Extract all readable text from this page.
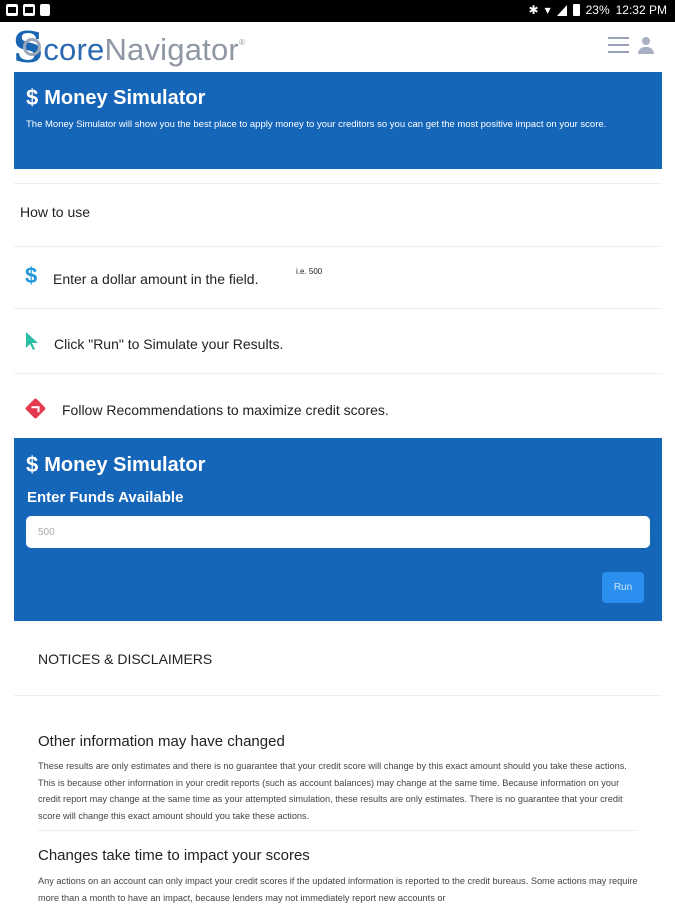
✱ ▾	23% 12:32 PM
S coreNavigator ®
$ Money Simulator
The Money Simulator will show you the best place to apply money to your creditors so you can get the most positive impact on your score.
How to use
$ Enter a dollar amount in the field.	i.e. 500
Click "Run" to Simulate your Results.
Follow Recommendations to maximize credit scores.
$ Money Simulator
Enter Funds Available
500
Run
NOTICES & DISCLAIMERS
Other information may have changed
These results are only estimates and there is no guarantee that your credit score will change by this exact amount should you take these actions. This is because other information in your credit reports (such as account balances) may change at the same time. Because information on your credit report may change at the same time as your attempted simulation, these results are only estimates. There is no guarantee that your credit score will change this exact amount should you take these actions.
Changes take time to impact your scores
Any actions on an account can only impact your credit scores if the updated information is reported to the credit bureaus. Some actions may require more than a month to have an impact, because lenders may not immediately report new accounts or
